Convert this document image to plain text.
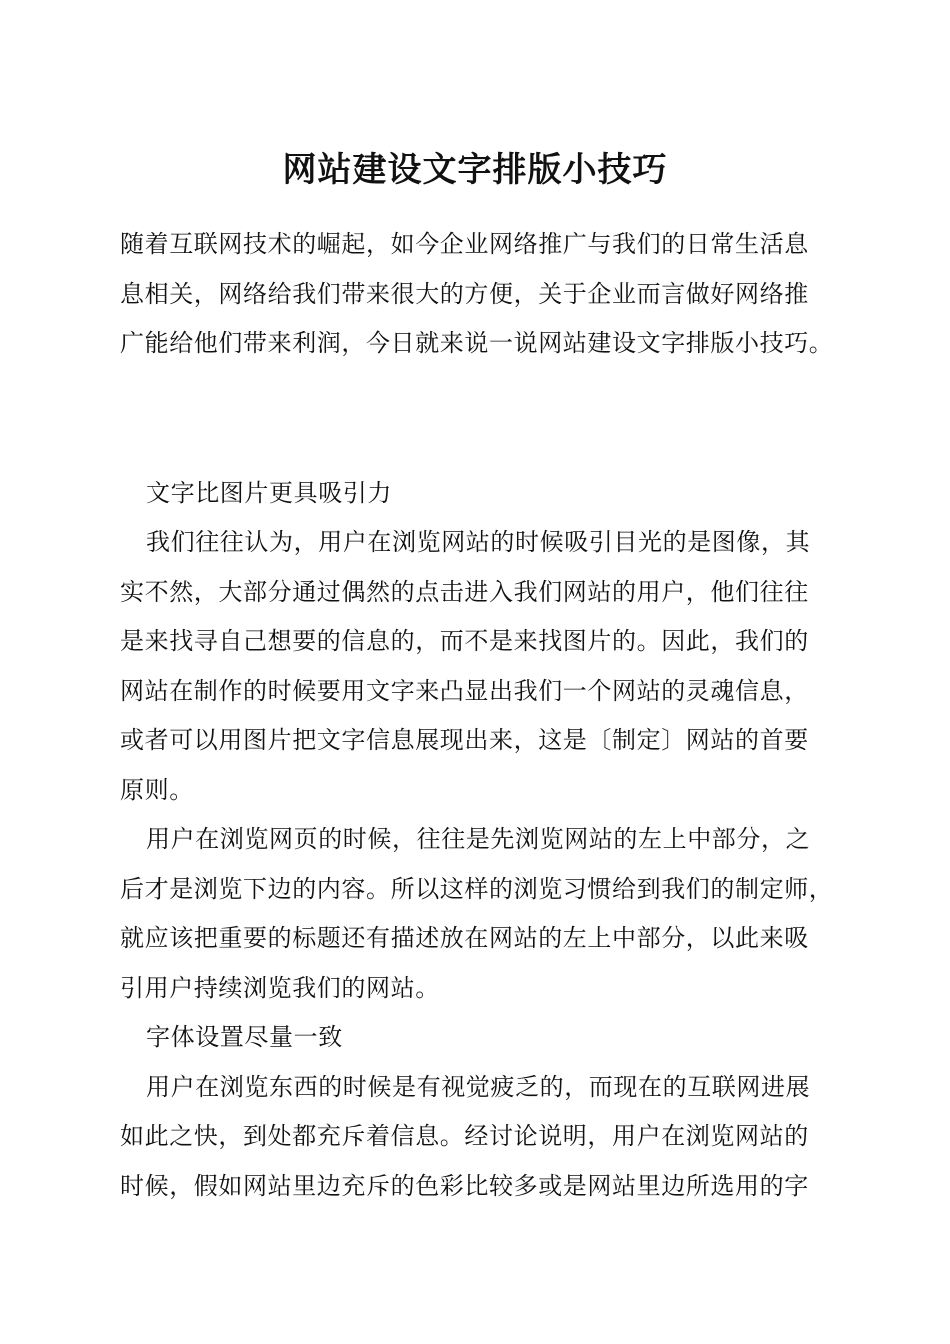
网站建设文字排版小技巧
随着互联网技术的崛起，如今企业网络推广与我们的日常生活息
息相关，网络给我们带来很大的方便，关于企业而言做好网络推
广能给他们带来利润，今日就来说一说网站建设文字排版小技巧。
文字比图片更具吸引力
我们往往认为，用户在浏览网站的时候吸引目光的是图像，其
实不然，大部分通过偶然的点击进入我们网站的用户，他们往往
是来找寻自己想要的信息的，而不是来找图片的。因此，我们的
网站在制作的时候要用文字来凸显出我们一个网站的灵魂信息，
或者可以用图片把文字信息展现出来，这是〔制定〕网站的首要
原则。
用户在浏览网页的时候，往往是先浏览网站的左上中部分，之
后才是浏览下边的内容。所以这样的浏览习惯给到我们的制定师，
就应该把重要的标题还有描述放在网站的左上中部分，以此来吸
引用户持续浏览我们的网站。
字体设置尽量一致
用户在浏览东西的时候是有视觉疲乏的，而现在的互联网进展
如此之快，到处都充斥着信息。经讨论说明，用户在浏览网站的
时候，假如网站里边充斥的色彩比较多或是网站里边所选用的字
